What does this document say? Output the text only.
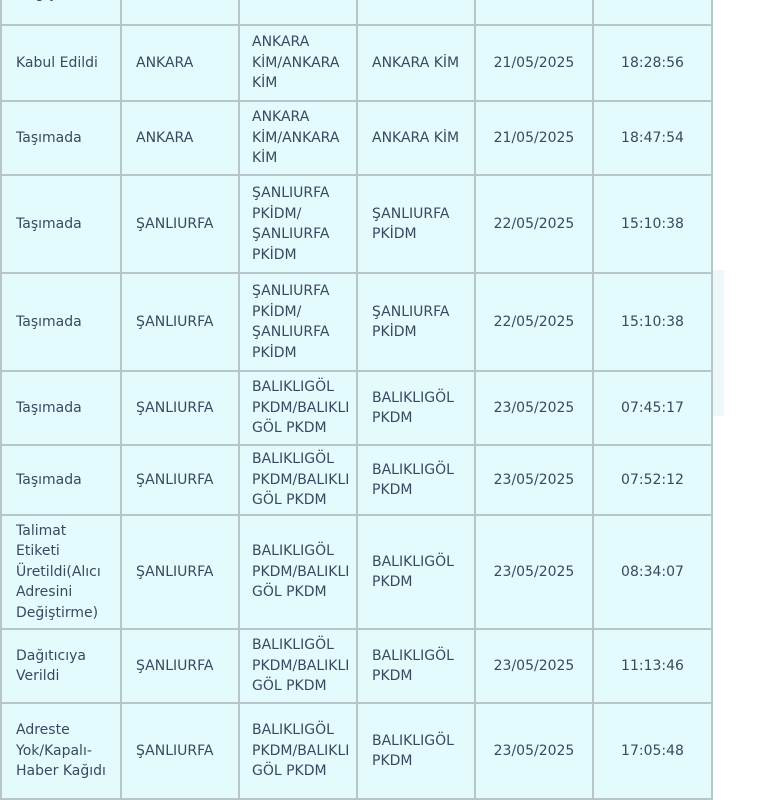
Kabul Edildi	ANKARA	ANKARA KİM/ANKARA KİM	ANKARA KİM	21/05/2025	18:28:56
Taşımada	ANKARA	ANKARA KİM/ANKARA KİM	ANKARA KİM	21/05/2025	18:47:54
Taşımada	ŞANLIURFA	ŞANLIURFA PKİDM/ ŞANLIURFA PKİDM	ŞANLIURFA PKİDM	22/05/2025	15:10:38
Taşımada	ŞANLIURFA	ŞANLIURFA PKİDM/ ŞANLIURFA PKİDM	ŞANLIURFA PKİDM	22/05/2025	15:10:38
Taşımada	ŞANLIURFA	BALIKLIGÖL PKDM/BALIKLIGÖL PKDM	BALIKLIGÖL PKDM	23/05/2025	07:45:17
Taşımada	ŞANLIURFA	BALIKLIGÖL PKDM/BALIKLIGÖL PKDM	BALIKLIGÖL PKDM	23/05/2025	07:52:12
Talimat Etiketi Üretildi(Alıcı Adresini Değiştirme)	ŞANLIURFA	BALIKLIGÖL PKDM/BALIKLIGÖL PKDM	BALIKLIGÖL PKDM	23/05/2025	08:34:07
Dağıtıcıya Verildi	ŞANLIURFA	BALIKLIGÖL PKDM/BALIKLIGÖL PKDM	BALIKLIGÖL PKDM	23/05/2025	11:13:46
Adreste Yok/Kapalı-Haber Kağıdı	ŞANLIURFA	BALIKLIGÖL PKDM/BALIKLIGÖL PKDM	BALIKLIGÖL PKDM	23/05/2025	17:05:48
